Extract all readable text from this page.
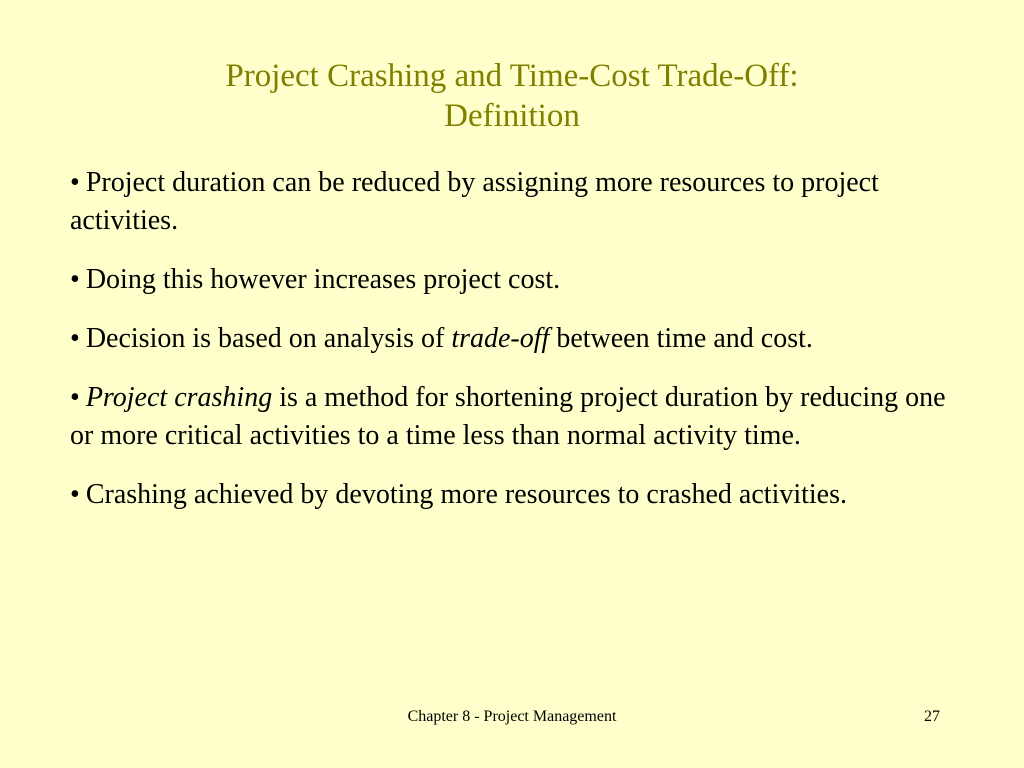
Project Crashing and Time-Cost Trade-Off:
Definition
• Project duration can be reduced by assigning more resources to project activities.
• Doing this however increases project cost.
• Decision is based on analysis of trade-off between time and cost.
• Project crashing is a method for shortening project duration by reducing one or more critical activities to a time less than normal activity time.
• Crashing achieved by devoting more resources to crashed activities.
Chapter 8 - Project Management	27
